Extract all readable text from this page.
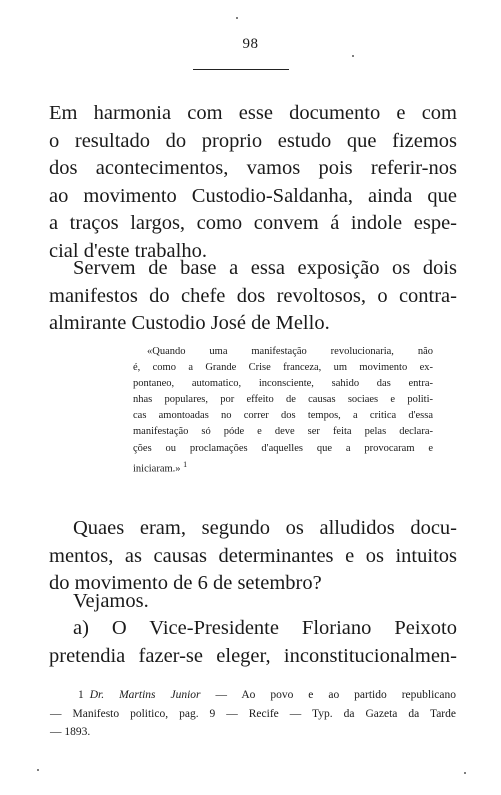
98
Em harmonia com esse documento e com
o resultado do proprio estudo que fizemos
dos acontecimentos, vamos pois referir-nos
ao movimento Custodio-Saldanha, ainda que
a traços largos, como convem á indole espe-
cial d'este trabalho.
Servem de base a essa exposição os dois
manifestos do chefe dos revoltosos, o contra-
almirante Custodio José de Mello.
«Quando uma manifestação revolucionaria, não
é, como a Grande Crise franceza, um movimento ex-
pontaneo, automatico, inconsciente, sahido das entra-
nhas populares, por effeito de causas sociaes e politi-
cas amontoadas no correr dos tempos, a critica d'essa
manifestação só póde e deve ser feita pelas declara-
ções ou proclamações d'aquelles que a provocaram e
iniciaram.» $^1$
Quaes eram, segundo os alludidos docu-
mentos, as causas determinantes e os intuitos
do movimento de 6 de setembro?
Vejamos.
a) O Vice-Presidente Floriano Peixoto
pretendia fazer-se eleger, inconstitucionalmen-
1 Dr. Martins Junior — Ao povo e ao partido republicano
— Manifesto politico, pag. 9 — Recife — Typ. da Gazeta da Tarde
— 1893.
